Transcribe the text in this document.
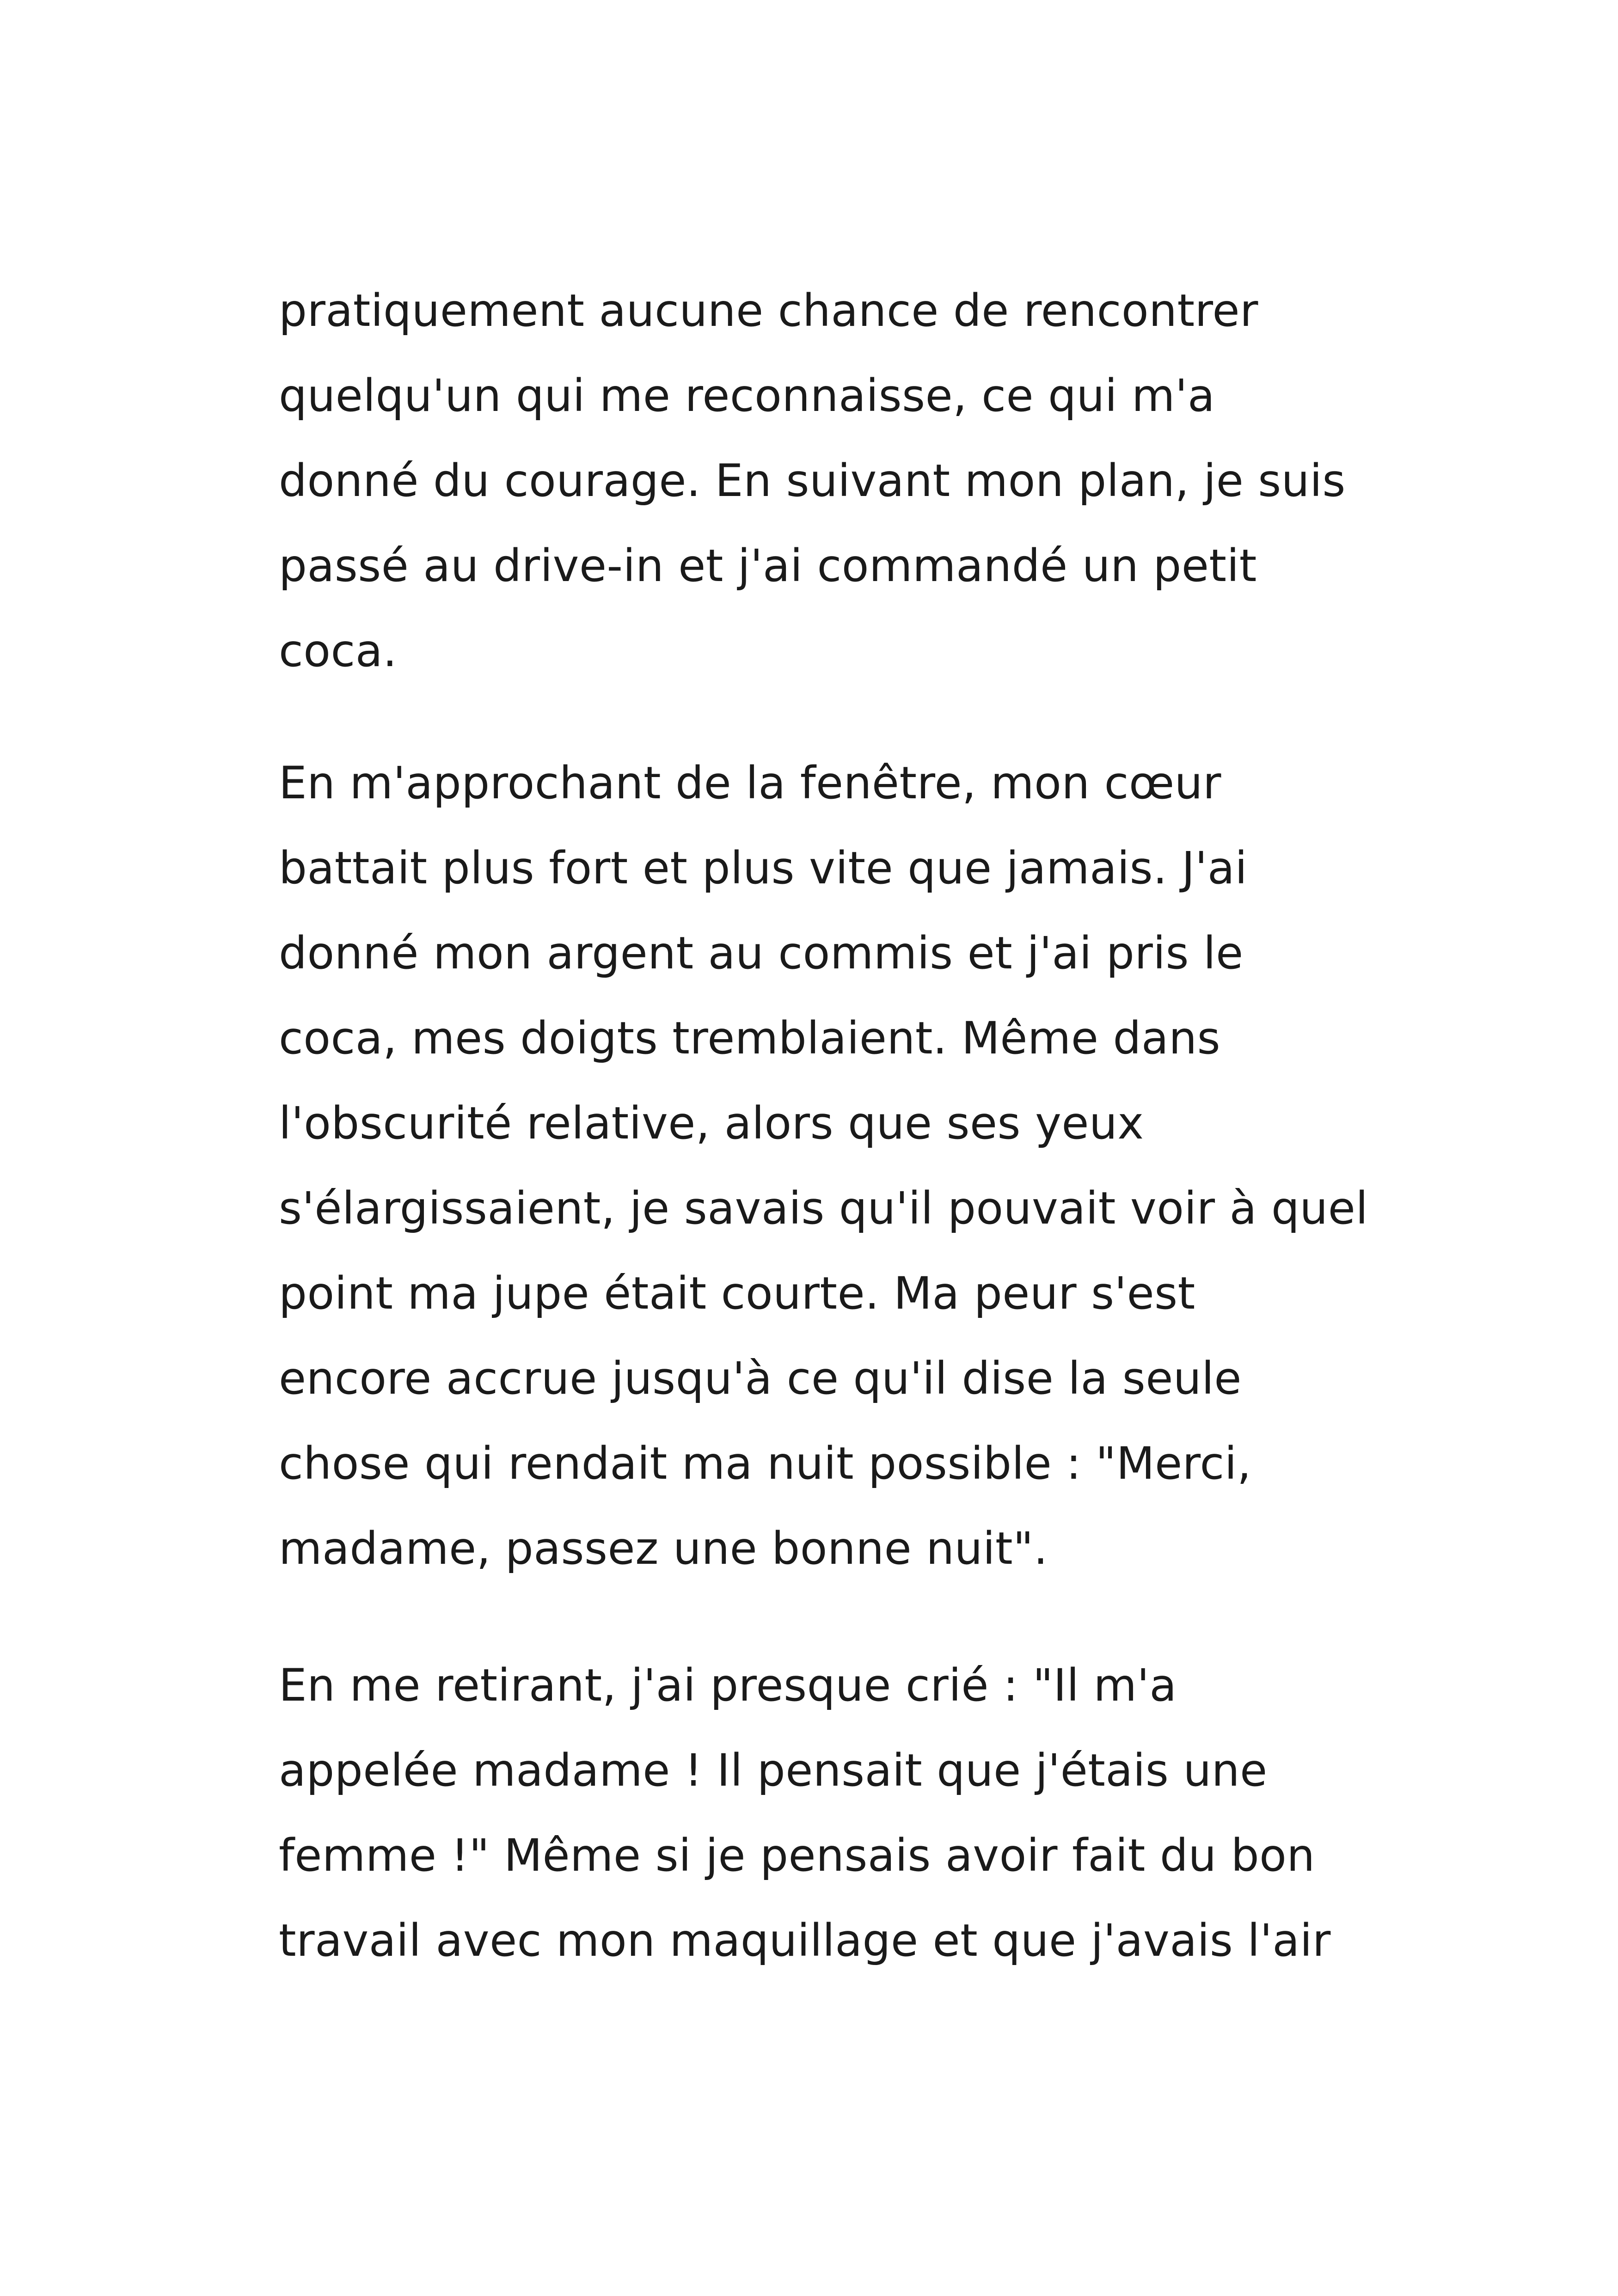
pratiquement aucune chance de rencontrer
quelqu'un qui me reconnaisse, ce qui m'a
donné du courage. En suivant mon plan, je suis
passé au drive-in et j'ai commandé un petit
coca.
En m'approchant de la fenêtre, mon cœur
battait plus fort et plus vite que jamais. J'ai
donné mon argent au commis et j'ai pris le
coca, mes doigts tremblaient. Même dans
l'obscurité relative, alors que ses yeux
s'élargissaient, je savais qu'il pouvait voir à quel
point ma jupe était courte. Ma peur s'est
encore accrue jusqu'à ce qu'il dise la seule
chose qui rendait ma nuit possible : "Merci,
madame, passez une bonne nuit".
En me retirant, j'ai presque crié : "Il m'a
appelée madame ! Il pensait que j'étais une
femme !" Même si je pensais avoir fait du bon
travail avec mon maquillage et que j'avais l'air
